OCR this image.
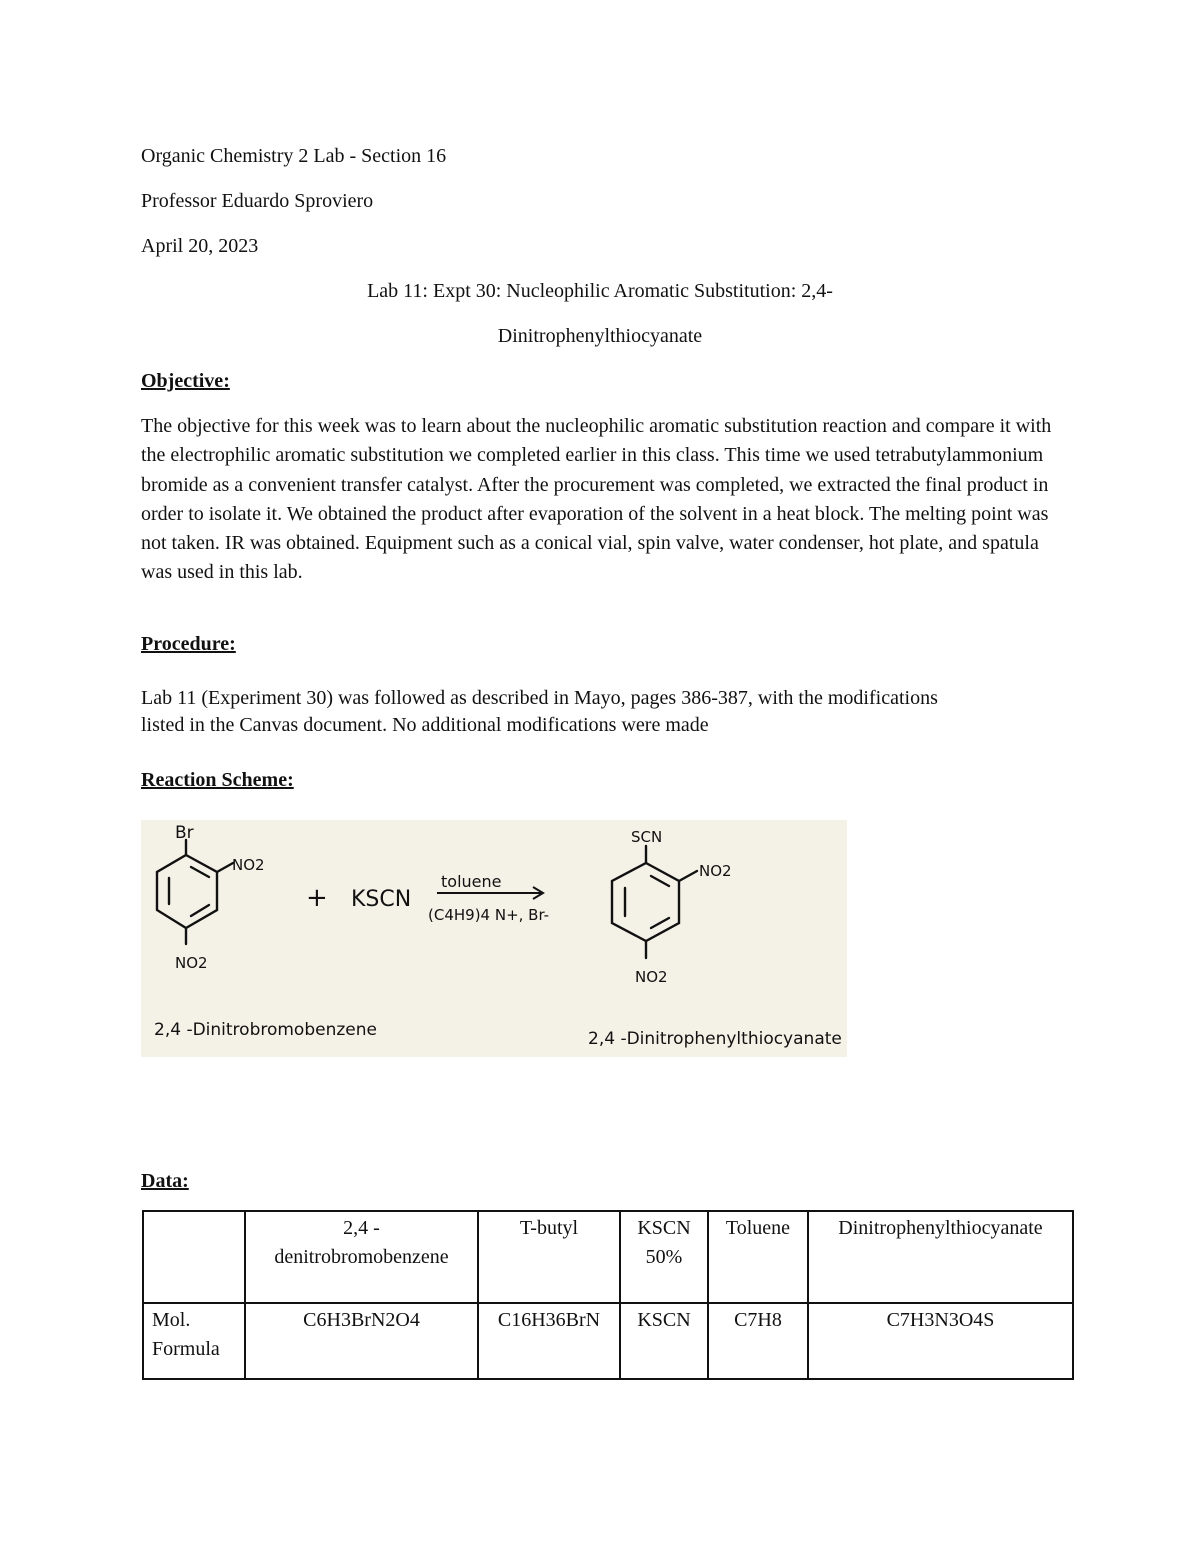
Organic Chemistry 2 Lab - Section 16
Professor Eduardo Sproviero
April 20, 2023
Lab 11: Expt 30: Nucleophilic Aromatic Substitution: 2,4-
Dinitrophenylthiocyanate
Objective:
The objective for this week was to learn about the nucleophilic aromatic substitution reaction and compare it with the electrophilic aromatic substitution we completed earlier in this class. This time we used tetrabutylammonium bromide as a convenient transfer catalyst. After the procurement was completed, we extracted the final product in order to isolate it. We obtained the product after evaporation of the solvent in a heat block. The melting point was not taken. IR was obtained. Equipment such as a conical vial, spin valve, water condenser, hot plate, and spatula was used in this lab.
Procedure:
Lab 11 (Experiment 30) was followed as described in Mayo, pages 386-387, with the modifications listed in the Canvas document. No additional modifications were made
Reaction Scheme:
Br
NO2
NO2
+ KSCN
toluene
(C4H9)4 N+, Br-
SCN
NO2
NO2
2,4 -Dinitrobromobenzene	2,4 -Dinitrophenylthiocyanate
Data:
	2,4 - denitrobromobenzene	T-butyl	KSCN 50%	Toluene	Dinitrophenylthiocyanate
Mol. Formula	C6H3BrN2O4	C16H36BrN	KSCN	C7H8	C7H3N3O4S
